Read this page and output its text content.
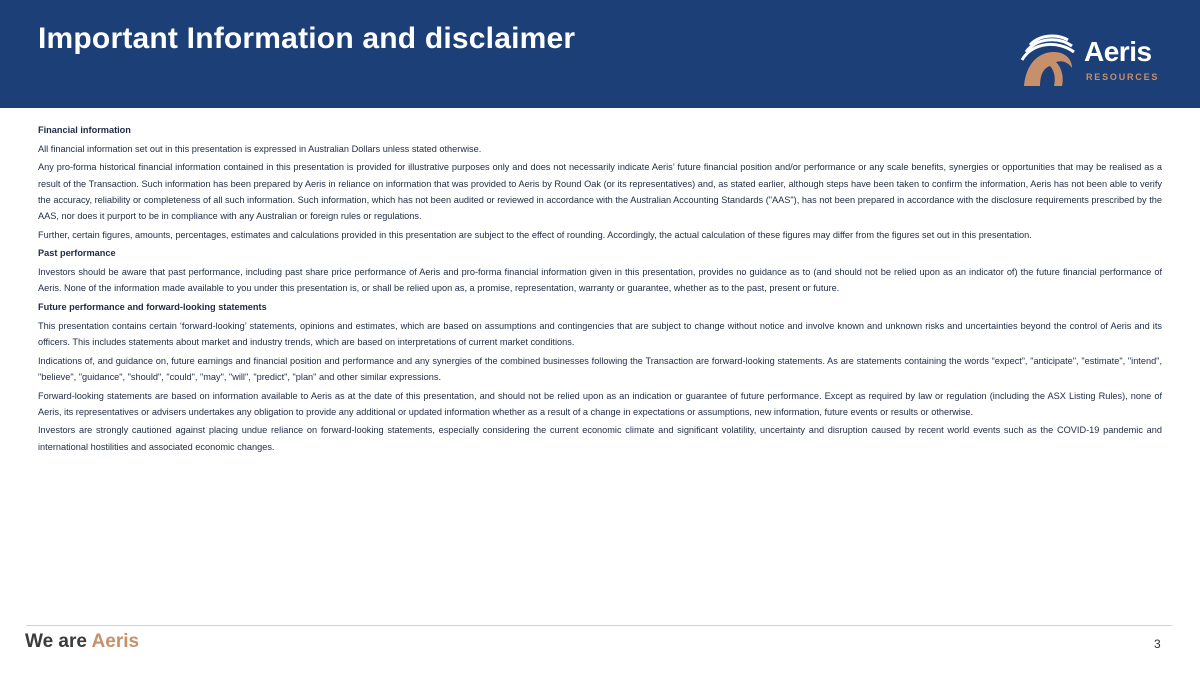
Important Information and disclaimer	Aeris
RESOURCES

Financial information

All financial information set out in this presentation is expressed in Australian Dollars unless stated otherwise.

Any pro-forma historical financial information contained in this presentation is provided for illustrative purposes only and does not necessarily indicate Aeris’ future financial position and/or performance or any scale benefits, synergies or opportunities that may be realised as a result of the Transaction. Such information has been prepared by Aeris in reliance on information that was provided to Aeris by Round Oak (or its representatives) and, as stated earlier, although steps have been taken to confirm the information, Aeris has not been able to verify the accuracy, reliability or completeness of all such information. Such information, which has not been audited or reviewed in accordance with the Australian Accounting Standards ("AAS"), has not been prepared in accordance with the disclosure requirements prescribed by the AAS, nor does it purport to be in compliance with any Australian or foreign rules or regulations.

Further, certain figures, amounts, percentages, estimates and calculations provided in this presentation are subject to the effect of rounding. Accordingly, the actual calculation of these figures may differ from the figures set out in this presentation.

Past performance

Investors should be aware that past performance, including past share price performance of Aeris and pro-forma financial information given in this presentation, provides no guidance as to (and should not be relied upon as an indicator of) the future financial performance of Aeris. None of the information made available to you under this presentation is, or shall be relied upon as, a promise, representation, warranty or guarantee, whether as to the past, present or future.

Future performance and forward-looking statements

This presentation contains certain ‘forward-looking’ statements, opinions and estimates, which are based on assumptions and contingencies that are subject to change without notice and involve known and unknown risks and uncertainties beyond the control of Aeris and its officers. This includes statements about market and industry trends, which are based on interpretations of current market conditions.

Indications of, and guidance on, future earnings and financial position and performance and any synergies of the combined businesses following the Transaction are forward-looking statements. As are statements containing the words “expect”, "anticipate", "estimate", "intend", "believe", "guidance", "should", "could", "may", "will", "predict", "plan" and other similar expressions.

Forward-looking statements are based on information available to Aeris as at the date of this presentation, and should not be relied upon as an indication or guarantee of future performance. Except as required by law or regulation (including the ASX Listing Rules), none of Aeris, its representatives or advisers undertakes any obligation to provide any additional or updated information whether as a result of a change in expectations or assumptions, new information, future events or results or otherwise.

Investors are strongly cautioned against placing undue reliance on forward-looking statements, especially considering the current economic climate and significant volatility, uncertainty and disruption caused by recent world events such as the COVID-19 pandemic and international hostilities and associated economic changes.

We are Aeris	3
